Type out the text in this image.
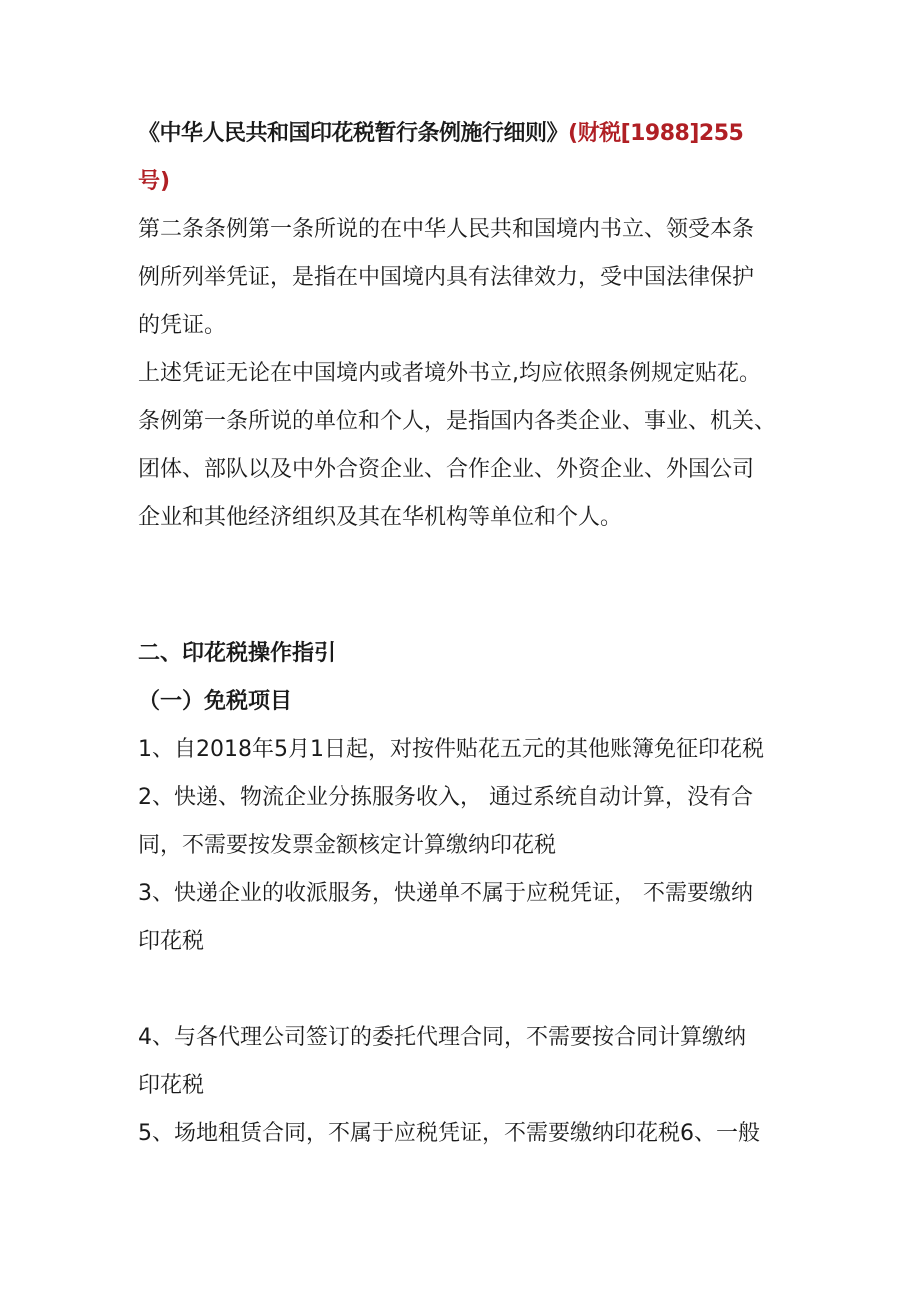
《中华人民共和国印花税暂行条例施行细则》(财税[1988]255
号)
第二条条例第一条所说的在中华人民共和国境内书立、领受本条
例所列举凭证，是指在中国境内具有法律效力，受中国法律保护
的凭证。
上述凭证无论在中国境内或者境外书立,均应依照条例规定贴花。
条例第一条所说的单位和个人，是指国内各类企业、事业、机关、
团体、部队以及中外合资企业、合作企业、外资企业、外国公司
企业和其他经济组织及其在华机构等单位和个人。
二、印花税操作指引
（一）免税项目
1、自2018年5月1日起，对按件贴花五元的其他账簿免征印花税
2、快递、物流企业分拣服务收入， 通过系统自动计算，没有合
同，不需要按发票金额核定计算缴纳印花税
3、快递企业的收派服务，快递单不属于应税凭证， 不需要缴纳
印花税
4、与各代理公司签订的委托代理合同，不需要按合同计算缴纳
印花税
5、场地租赁合同，不属于应税凭证，不需要缴纳印花税6、一般
